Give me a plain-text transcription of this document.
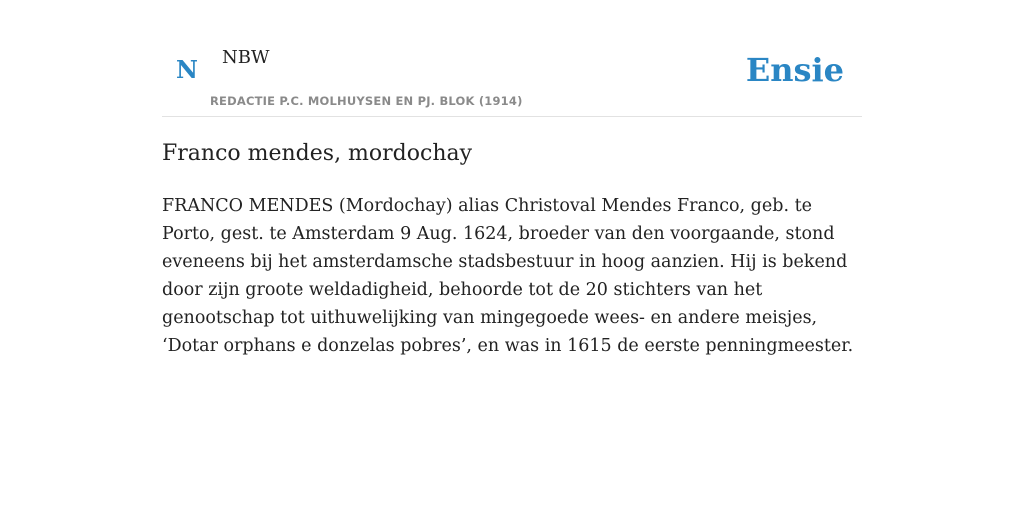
N NBW
REDACTIE P.C. MOLHUYSEN EN PJ. BLOK (1914)
Ensie
Franco mendes, mordochay

FRANCO MENDES (Mordochay) alias Christoval Mendes Franco, geb. te Porto, gest. te Amsterdam 9 Aug. 1624, broeder van den voorgaande, stond eveneens bij het amsterdamsche stadsbestuur in hoog aanzien. Hij is bekend door zijn groote weldadigheid, behoorde tot de 20 stichters van het genootschap tot uithuwelijking van mingegoede wees- en andere meisjes, ‘Dotar orphans e donzelas pobres’, en was in 1615 de eerste penningmeester.
